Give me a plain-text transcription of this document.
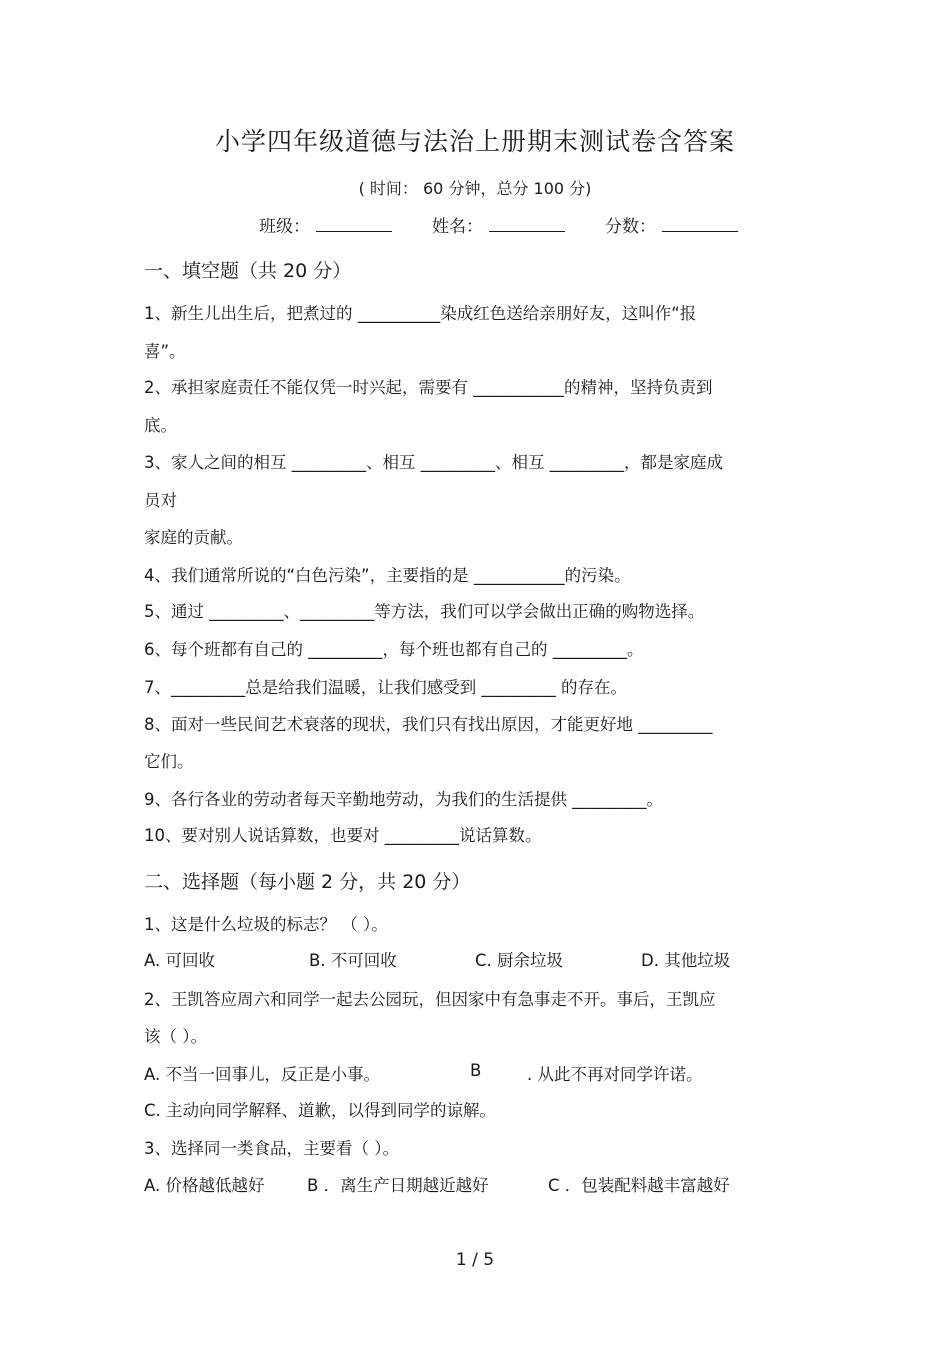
小学四年级道德与法治上册期末测试卷含答案
( 时间： 60 分钟，总分 100 分)
班级：	姓名：	分数：
一、填空题（共 20 分）
1、新生儿出生后，把煮过的 __________染成红色送给亲朋好友，这叫作“报
喜”。
2、承担家庭责任不能仅凭一时兴起，需要有 ___________的精神，坚持负责到
底。
3、家人之间的相互 _________、相互 _________、相互 _________，都是家庭成
员对
家庭的贡献。
4、我们通常所说的“白色污染”，主要指的是 ___________的污染。
5、通过 _________、_________等方法，我们可以学会做出正确的购物选择。
6、每个班都有自己的 _________，每个班也都有自己的 _________。
7、_________总是给我们温暖，让我们感受到 _________ 的存在。
8、面对一些民间艺术衰落的现状，我们只有找出原因，才能更好地 _________
它们。
9、各行各业的劳动者每天辛勤地劳动，为我们的生活提供 _________。
10、要对别人说话算数，也要对 _________说话算数。
二、选择题（每小题 2 分，共 20 分）
1、这是什么垃圾的标志？ （ ）。
A. 可回收	B. 不可回收	C. 厨余垃圾	D. 其他垃圾
2、王凯答应周六和同学一起去公园玩，但因家中有急事走不开。事后，王凯应
该（ ）。
A. 不当一回事儿，反正是小事。	B	. 从此不再对同学许诺。
C. 主动向同学解释、道歉，以得到同学的谅解。
3、选择同一类食品，主要看（ ）。
A. 价格越低越好	B ．离生产日期越近越好	C ．包装配料越丰富越好
1 / 5
